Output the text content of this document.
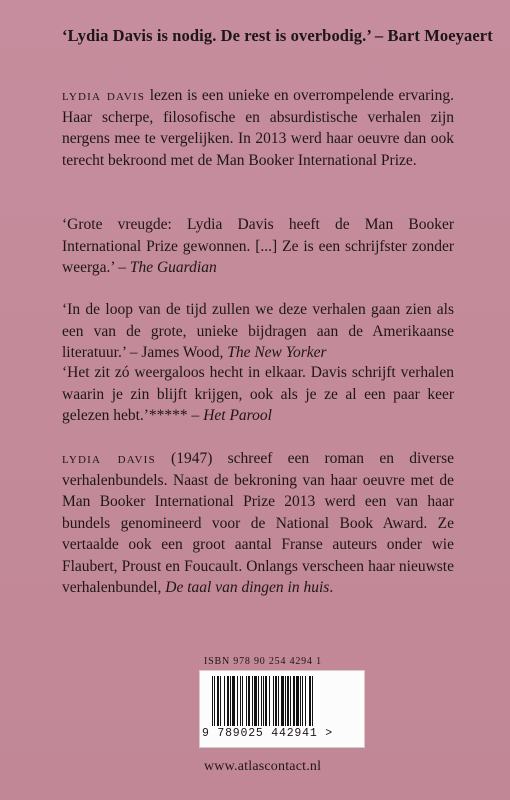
‘Lydia Davis is nodig. De rest is overbodig.’ – Bart Moeyaert
lydia davis lezen is een unieke en overrompelende ervaring. Haar scherpe, filosofische en absurdistische verhalen zijn nergens mee te vergelijken. In 2013 werd haar oeuvre dan ook terecht bekroond met de Man Booker International Prize.
‘Grote vreugde: Lydia Davis heeft de Man Booker International Prize gewonnen. [...] Ze is een schrijfster zonder weerga.’ – The Guardian
‘In de loop van de tijd zullen we deze verhalen gaan zien als een van de grote, unieke bijdragen aan de Amerikaanse literatuur.’ – James Wood, The New Yorker
‘Het zit zó weergaloos hecht in elkaar. Davis schrijft verhalen waarin je zin blijft krijgen, ook als je ze al een paar keer gelezen hebt.’***** – Het Parool
lydia davis (1947) schreef een roman en diverse verhalenbundels. Naast de bekroning van haar oeuvre met de Man Booker International Prize 2013 werd een van haar bundels genomineerd voor de National Book Award. Ze vertaalde ook een groot aantal Franse auteurs onder wie Flaubert, Proust en Foucault. Onlangs verscheen haar nieuwste verhalenbundel, De taal van dingen in huis.
ISBN 978 90 254 4294 1
9 789025 442941 >
www.atlascontact.nl
